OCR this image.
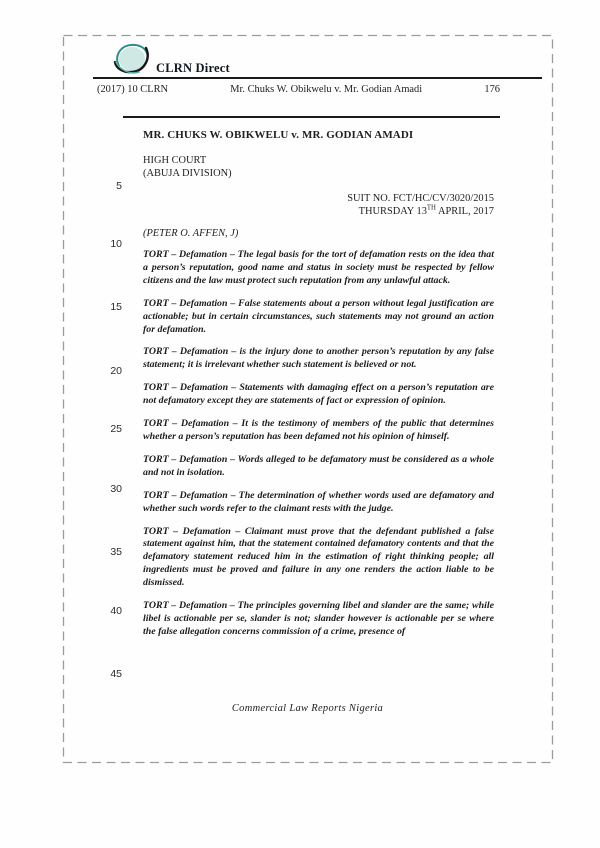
CLRN Direct
(2017) 10 CLRN	Mr. Chuks W. Obikwelu v. Mr. Godian Amadi	176

MR. CHUKS W. OBIKWELU v. MR. GODIAN AMADI

HIGH COURT
(ABUJA DIVISION)
SUIT NO. FCT/HC/CV/3020/2015
THURSDAY 13TH APRIL, 2017

(PETER O. AFFEN, J)

TORT – Defamation – The legal basis for the tort of defamation rests on the idea that a person’s reputation, good name and status in society must be respected by fellow citizens and the law must protect such reputation from any unlawful attack.

TORT – Defamation – False statements about a person without legal justification are actionable; but in certain circumstances, such statements may not ground an action for defamation.

TORT – Defamation – is the injury done to another person’s reputation by any false statement; it is irrelevant whether such statement is believed or not.

TORT – Defamation – Statements with damaging effect on a person’s reputation are not defamatory except they are statements of fact or expression of opinion.

TORT – Defamation – It is the testimony of members of the public that determines whether a person’s reputation has been defamed not his opinion of himself.

TORT – Defamation – Words alleged to be defamatory must be considered as a whole and not in isolation.

TORT – Defamation – The determination of whether words used are defamatory and whether such words refer to the claimant rests with the judge.

TORT – Defamation – Claimant must prove that the defendant published a false statement against him, that the statement contained defamatory contents and that the defamatory statement reduced him in the estimation of right thinking people; all ingredients must be proved and failure in any one renders the action liable to be dismissed.

TORT – Defamation – The principles governing libel and slander are the same; while libel is actionable per se, slander is not; slander however is actionable per se where the false allegation concerns commission of a crime, presence of

5
10
15
20
25
30
35
40
45
Commercial Law Reports Nigeria
